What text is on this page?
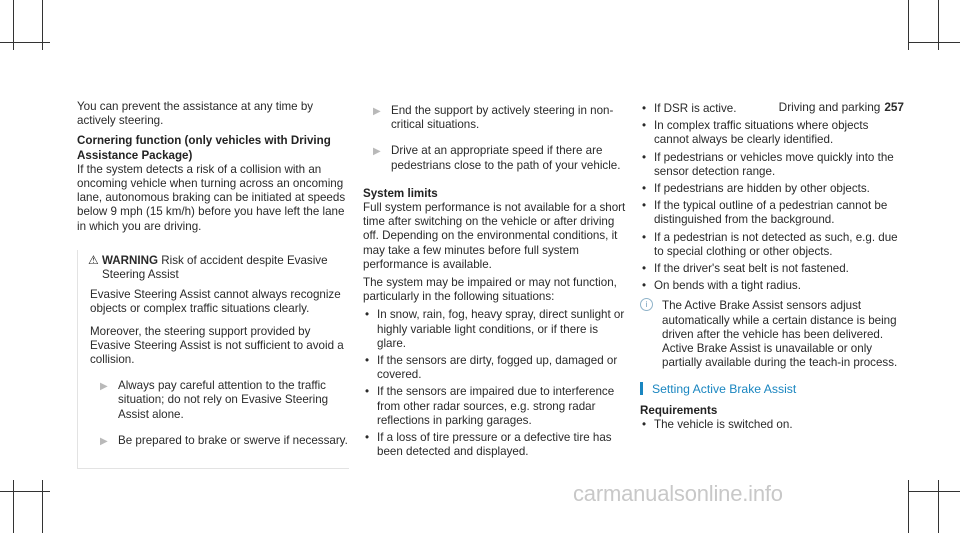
Driving and parking 257

You can prevent the assistance at any time by actively steering.

Cornering function (only vehicles with Driving Assistance Package)

If the system detects a risk of a collision with an oncoming vehicle when turning across an oncoming lane, autonomous braking can be initiated at speeds below 9 mph (15 km/h) before you have left the lane in which you are driving.

⚠ WARNING Risk of accident despite Evasive Steering Assist

Evasive Steering Assist cannot always recognize objects or complex traffic situations clearly.

Moreover, the steering support provided by Evasive Steering Assist is not sufficient to avoid a collision.

▶ Always pay careful attention to the traffic situation; do not rely on Evasive Steering Assist alone.
▶ Be prepared to brake or swerve if necessary.
▶ End the support by actively steering in non-critical situations.
▶ Drive at an appropriate speed if there are pedestrians close to the path of your vehicle.

System limits

Full system performance is not available for a short time after switching on the vehicle or after driving off. Depending on the environmental conditions, it may take a few minutes before full system performance is available.

The system may be impaired or may not function, particularly in the following situations:

• In snow, rain, fog, heavy spray, direct sunlight or highly variable light conditions, or if there is glare.
• If the sensors are dirty, fogged up, damaged or covered.
• If the sensors are impaired due to interference from other radar sources, e.g. strong radar reflections in parking garages.
• If a loss of tire pressure or a defective tire has been detected and displayed.
• If DSR is active.
• In complex traffic situations where objects cannot always be clearly identified.
• If pedestrians or vehicles move quickly into the sensor detection range.
• If pedestrians are hidden by other objects.
• If the typical outline of a pedestrian cannot be distinguished from the background.
• If a pedestrian is not detected as such, e.g. due to special clothing or other objects.
• If the driver's seat belt is not fastened.
• On bends with a tight radius.
i	The Active Brake Assist sensors adjust automatically while a certain distance is being driven after the vehicle has been delivered. Active Brake Assist is unavailable or only partially available during the teach-in process.
Setting Active Brake Assist

Requirements

• The vehicle is switched on.
carmanualsonline.info
